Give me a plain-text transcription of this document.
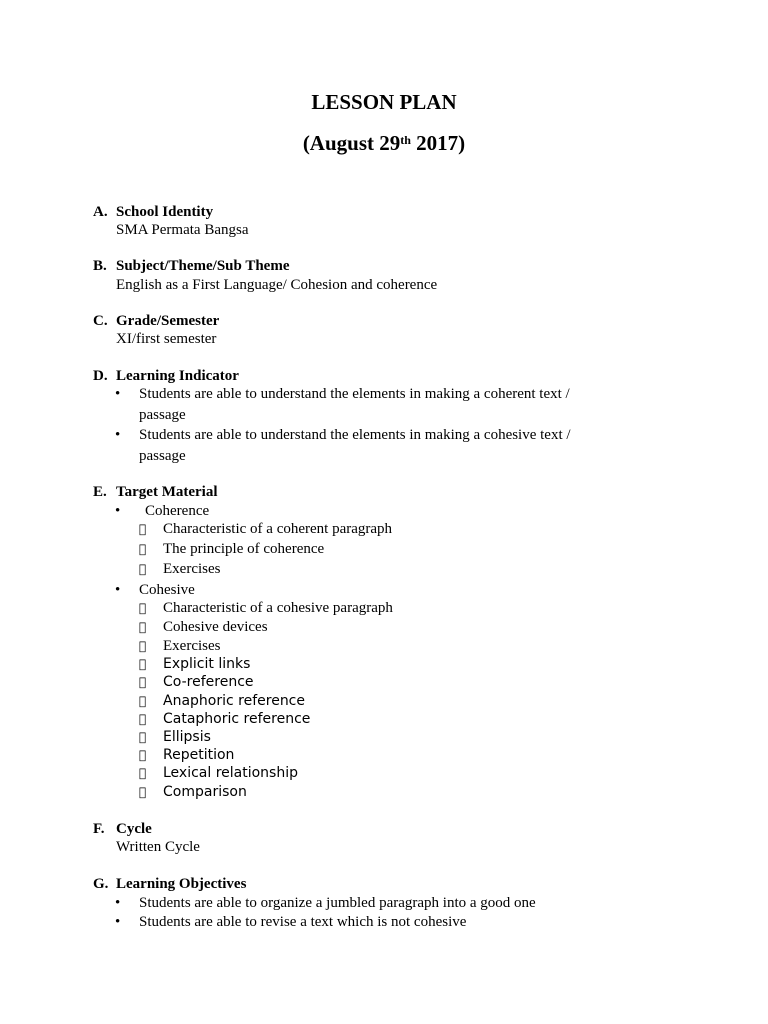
LESSON PLAN
(August 29th 2017)
A. School Identity
SMA Permata Bangsa
B. Subject/Theme/Sub Theme
English as a First Language/ Cohesion and coherence
C. Grade/Semester
XI/first semester
D. Learning Indicator
• Students are able to understand the elements in making a coherent text /
passage
• Students are able to understand the elements in making a cohesive text /
passage
E. Target Material
• Coherence
Characteristic of a coherent paragraph
The principle of coherence
Exercises
• Cohesive
Characteristic of a cohesive paragraph
Cohesive devices
Exercises
Explicit links
Co-reference
Anaphoric reference
Cataphoric reference
Ellipsis
Repetition
Lexical relationship
Comparison
F. Cycle
Written Cycle
G. Learning Objectives
• Students are able to organize a jumbled paragraph into a good one
• Students are able to revise a text which is not cohesive
